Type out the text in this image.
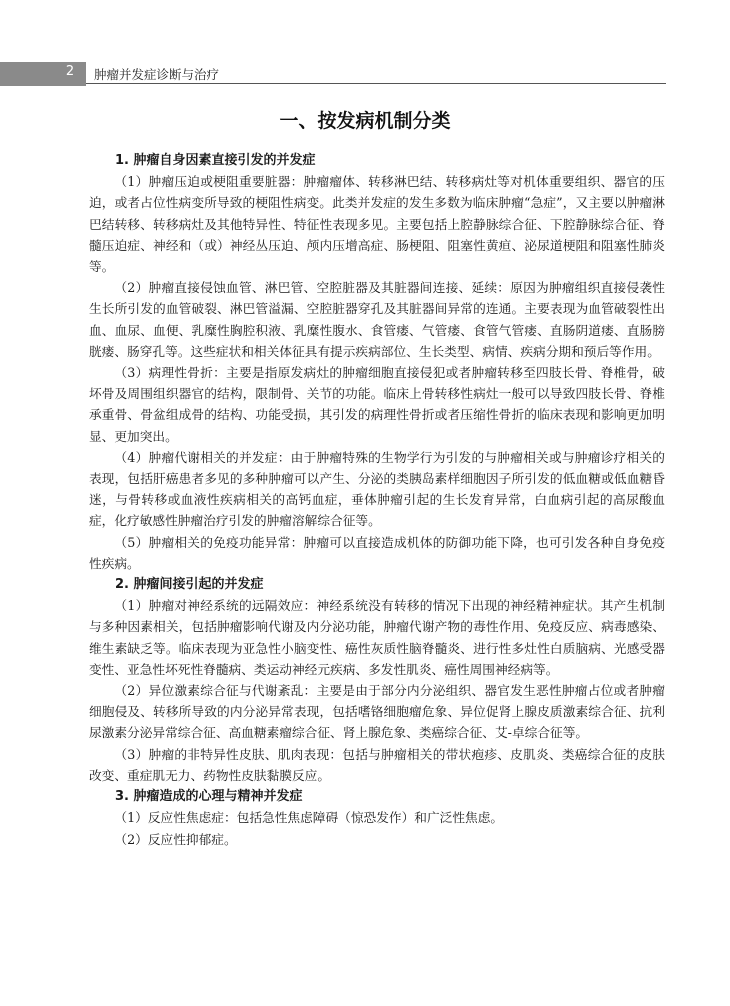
2	肿瘤并发症诊断与治疗
一、按发病机制分类
1. 肿瘤自身因素直接引发的并发症

（1）肿瘤压迫或梗阻重要脏器：肿瘤瘤体、转移淋巴结、转移病灶等对机体重要组织、器官的压迫，或者占位性病变所导致的梗阻性病变。此类并发症的发生多数为临床肿瘤“急症”，又主要以肿瘤淋巴结转移、转移病灶及其他特异性、特征性表现多见。主要包括上腔静脉综合征、下腔静脉综合征、脊髓压迫症、神经和（或）神经丛压迫、颅内压增高症、肠梗阻、阻塞性黄疸、泌尿道梗阻和阻塞性肺炎等。

（2）肿瘤直接侵蚀血管、淋巴管、空腔脏器及其脏器间连接、延续：原因为肿瘤组织直接侵袭性生长所引发的血管破裂、淋巴管溢漏、空腔脏器穿孔及其脏器间异常的连通。主要表现为血管破裂性出血、血尿、血便、乳糜性胸腔积液、乳糜性腹水、食管瘘、气管瘘、食管气管瘘、直肠阴道瘘、直肠膀胱瘘、肠穿孔等。这些症状和相关体征具有提示疾病部位、生长类型、病情、疾病分期和预后等作用。

（3）病理性骨折：主要是指原发病灶的肿瘤细胞直接侵犯或者肿瘤转移至四肢长骨、脊椎骨，破坏骨及周围组织器官的结构，限制骨、关节的功能。临床上骨转移性病灶一般可以导致四肢长骨、脊椎承重骨、骨盆组成骨的结构、功能受损，其引发的病理性骨折或者压缩性骨折的临床表现和影响更加明显、更加突出。

（4）肿瘤代谢相关的并发症：由于肿瘤特殊的生物学行为引发的与肿瘤相关或与肿瘤诊疗相关的表现，包括肝癌患者多见的多种肿瘤可以产生、分泌的类胰岛素样细胞因子所引发的低血糖或低血糖昏迷，与骨转移或血液性疾病相关的高钙血症，垂体肿瘤引起的生长发育异常，白血病引起的高尿酸血症，化疗敏感性肿瘤治疗引发的肿瘤溶解综合征等。

（5）肿瘤相关的免疫功能异常：肿瘤可以直接造成机体的防御功能下降，也可引发各种自身免疫性疾病。

2. 肿瘤间接引起的并发症

（1）肿瘤对神经系统的远隔效应：神经系统没有转移的情况下出现的神经精神症状。其产生机制与多种因素相关，包括肿瘤影响代谢及内分泌功能，肿瘤代谢产物的毒性作用、免疫反应、病毒感染、维生素缺乏等。临床表现为亚急性小脑变性、癌性灰质性脑脊髓炎、进行性多灶性白质脑病、光感受器变性、亚急性坏死性脊髓病、类运动神经元疾病、多发性肌炎、癌性周围神经病等。

（2）异位激素综合征与代谢紊乱：主要是由于部分内分泌组织、器官发生恶性肿瘤占位或者肿瘤细胞侵及、转移所导致的内分泌异常表现，包括嗜铬细胞瘤危象、异位促肾上腺皮质激素综合征、抗利尿激素分泌异常综合征、高血糖素瘤综合征、肾上腺危象、类癌综合征、艾-卓综合征等。

（3）肿瘤的非特异性皮肤、肌肉表现：包括与肿瘤相关的带状疱疹、皮肌炎、类癌综合征的皮肤改变、重症肌无力、药物性皮肤黏膜反应。

3. 肿瘤造成的心理与精神并发症

（1）反应性焦虑症：包括急性焦虑障碍（惊恐发作）和广泛性焦虑。

（2）反应性抑郁症。
